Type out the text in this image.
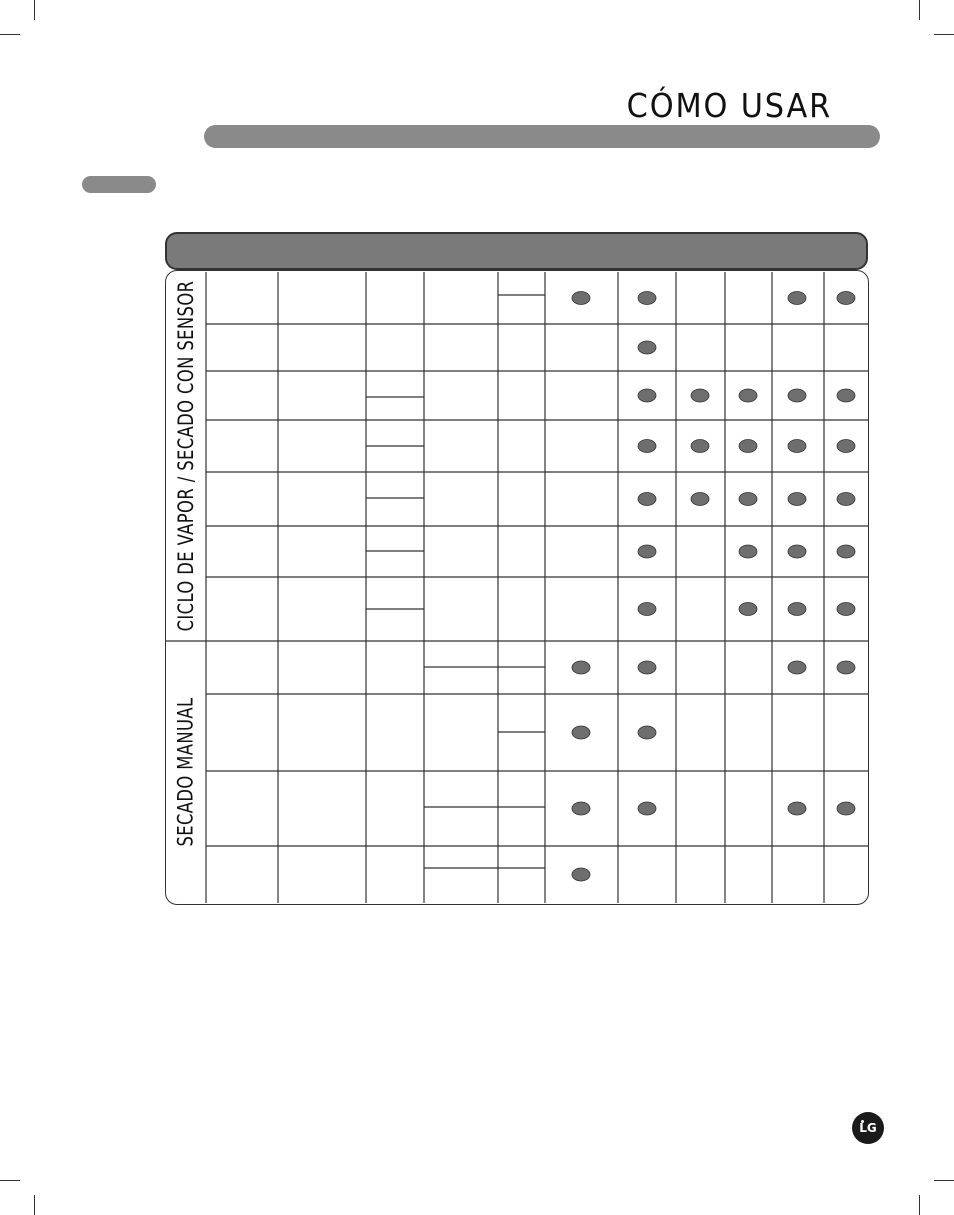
CÓMO USAR
CICLO DE VAPOR / SECADO CON SENSOR
SECADO MANUAL
LG
